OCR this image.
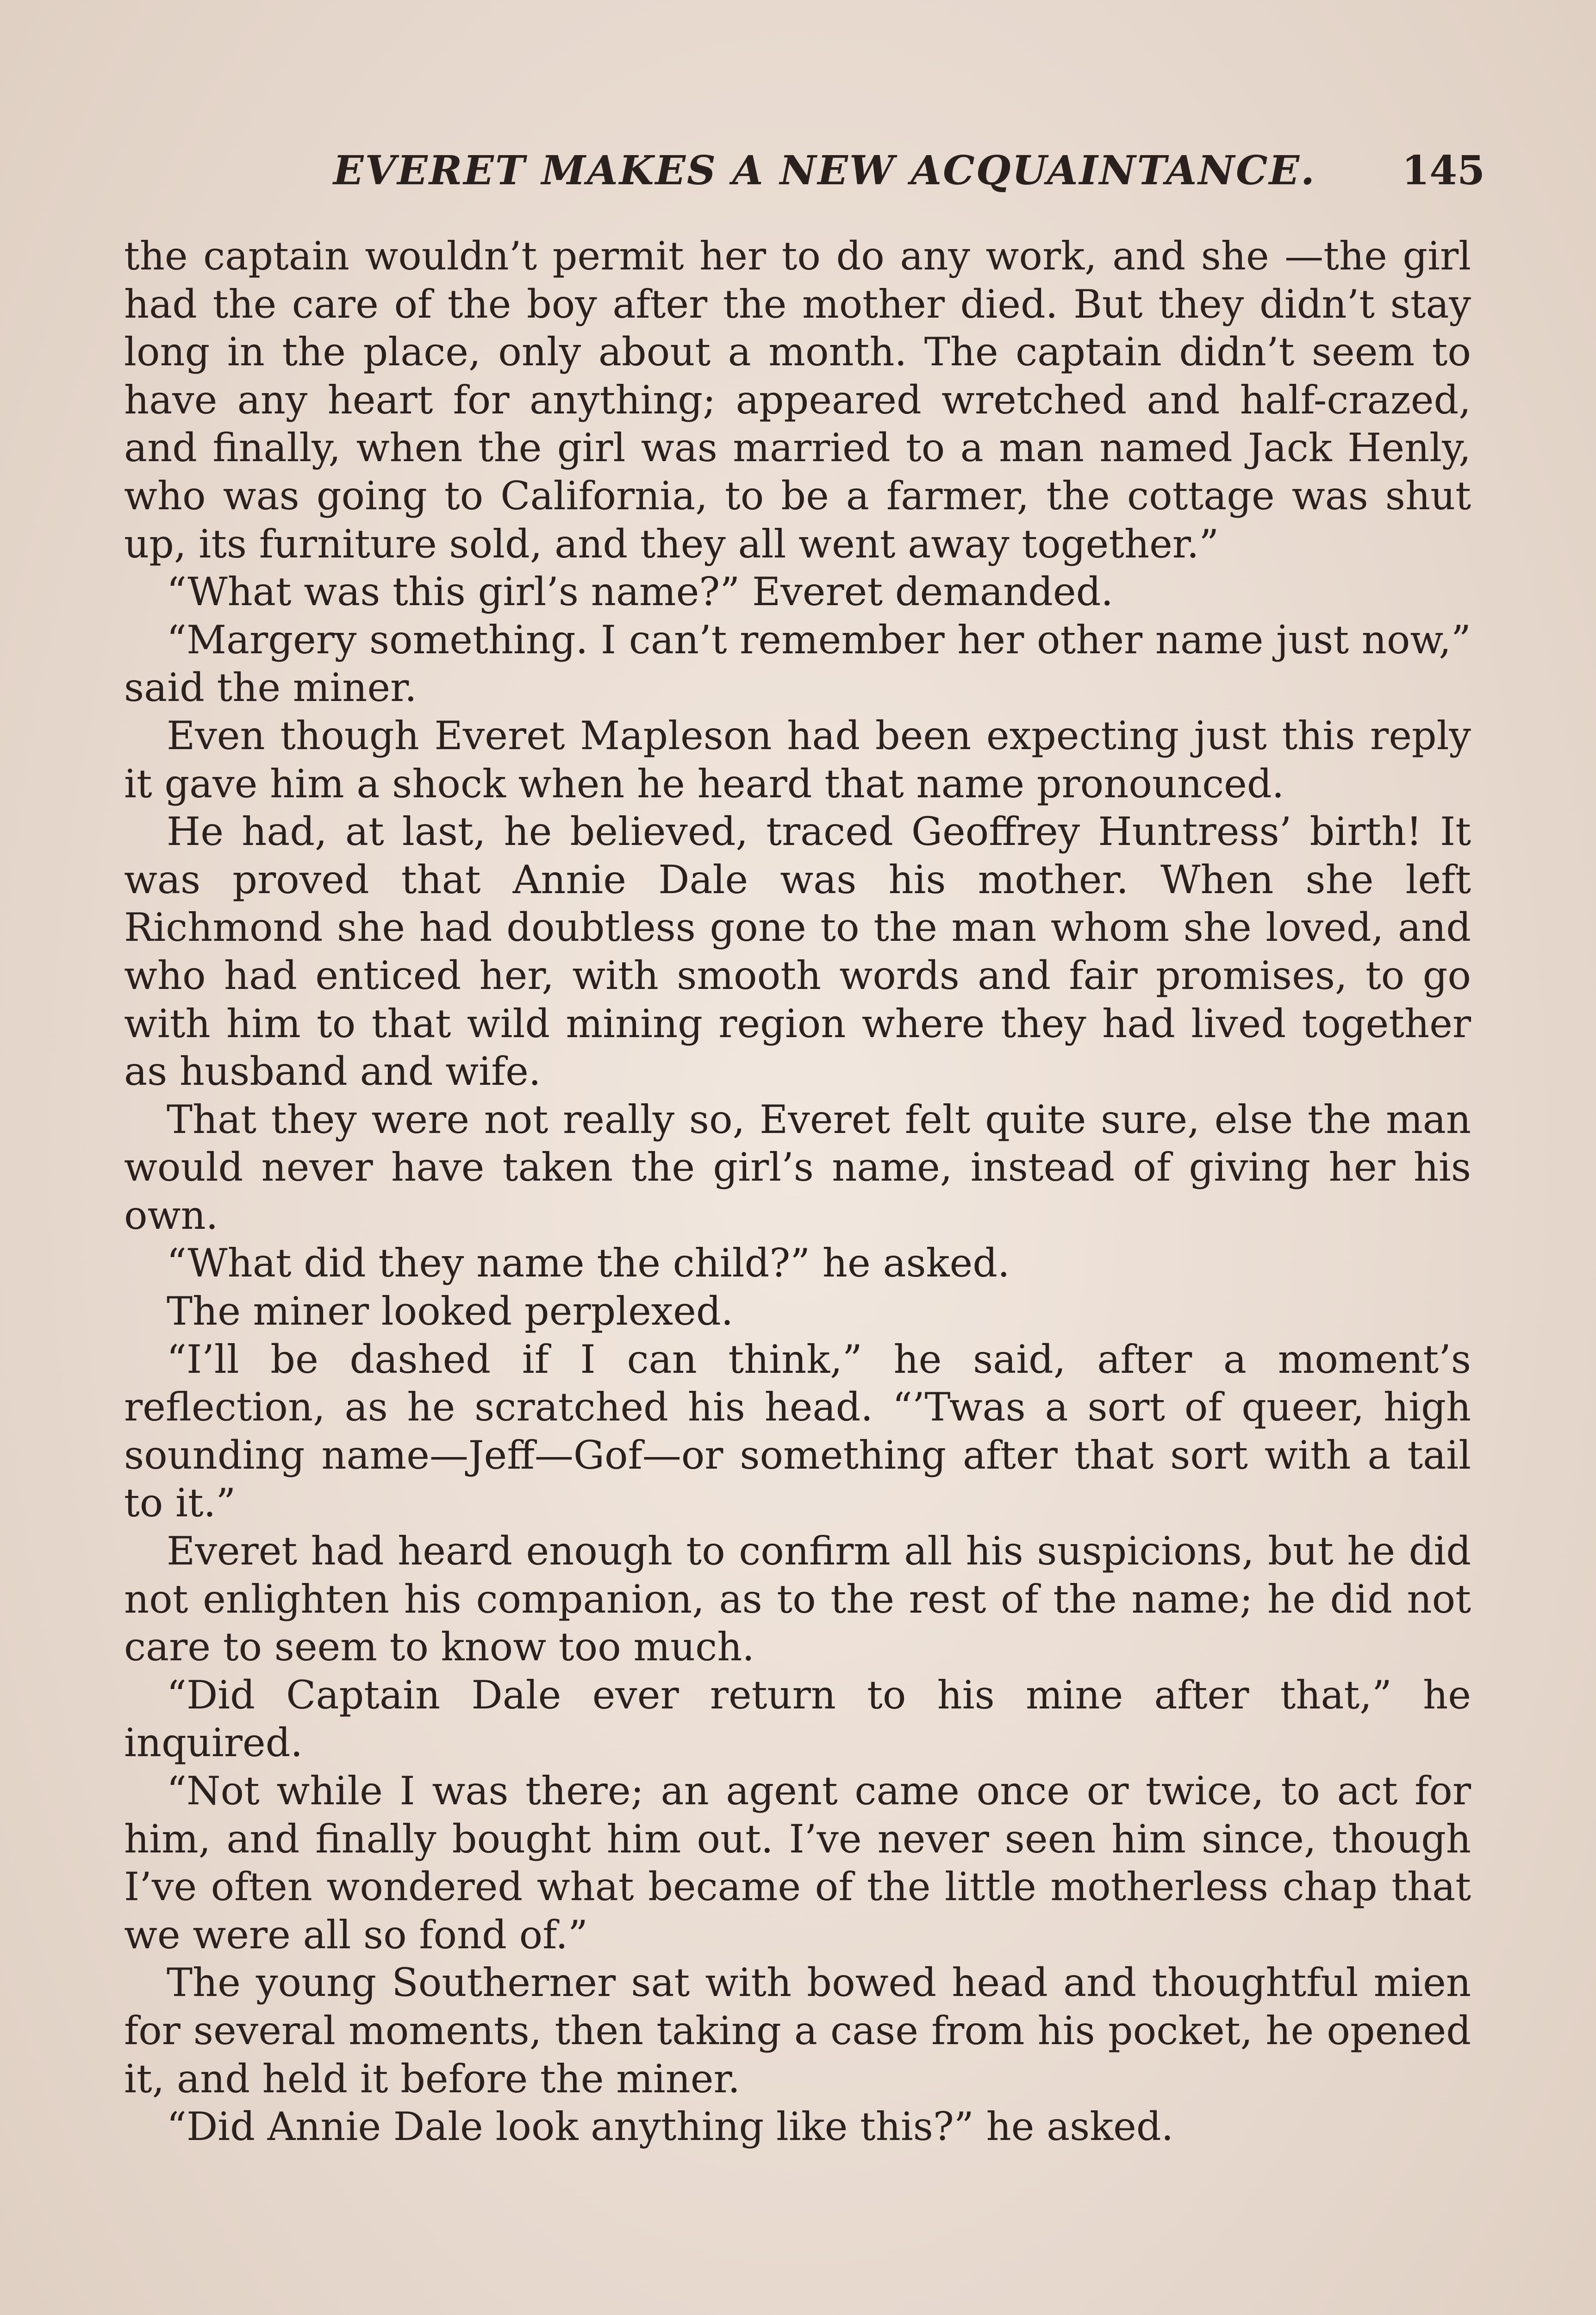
EVERET MAKES A NEW ACQUAINTANCE. 145

the captain wouldn’t permit her to do any work, and she —the girl had the care of the boy after the mother died. But they didn’t stay long in the place, only about a month. The captain didn’t seem to have any heart for anything; appeared wretched and half-crazed, and finally, when the girl was married to a man named Jack Henly, who was going to California, to be a farmer, the cottage was shut up, its furniture sold, and they all went away together.”

“What was this girl’s name?” Everet demanded.

“Margery something. I can’t remember her other name just now,” said the miner.

Even though Everet Mapleson had been expecting just this reply it gave him a shock when he heard that name pronounced.

He had, at last, he believed, traced Geoffrey Huntress’ birth! It was proved that Annie Dale was his mother. When she left Richmond she had doubtless gone to the man whom she loved, and who had enticed her, with smooth words and fair promises, to go with him to that wild mining region where they had lived together as husband and wife.

That they were not really so, Everet felt quite sure, else the man would never have taken the girl’s name, instead of giving her his own.

“What did they name the child?” he asked.

The miner looked perplexed.

“I’ll be dashed if I can think,” he said, after a moment’s reflection, as he scratched his head. “’Twas a sort of queer, high sounding name—Jeff—Gof—or something after that sort with a tail to it.”

Everet had heard enough to confirm all his suspicions, but he did not enlighten his companion, as to the rest of the name; he did not care to seem to know too much.

“Did Captain Dale ever return to his mine after that,” he inquired.

“Not while I was there; an agent came once or twice, to act for him, and finally bought him out. I’ve never seen him since, though I’ve often wondered what became of the little motherless chap that we were all so fond of.”

The young Southerner sat with bowed head and thoughtful mien for several moments, then taking a case from his pocket, he opened it, and held it before the miner.

“Did Annie Dale look anything like this?” he asked.
